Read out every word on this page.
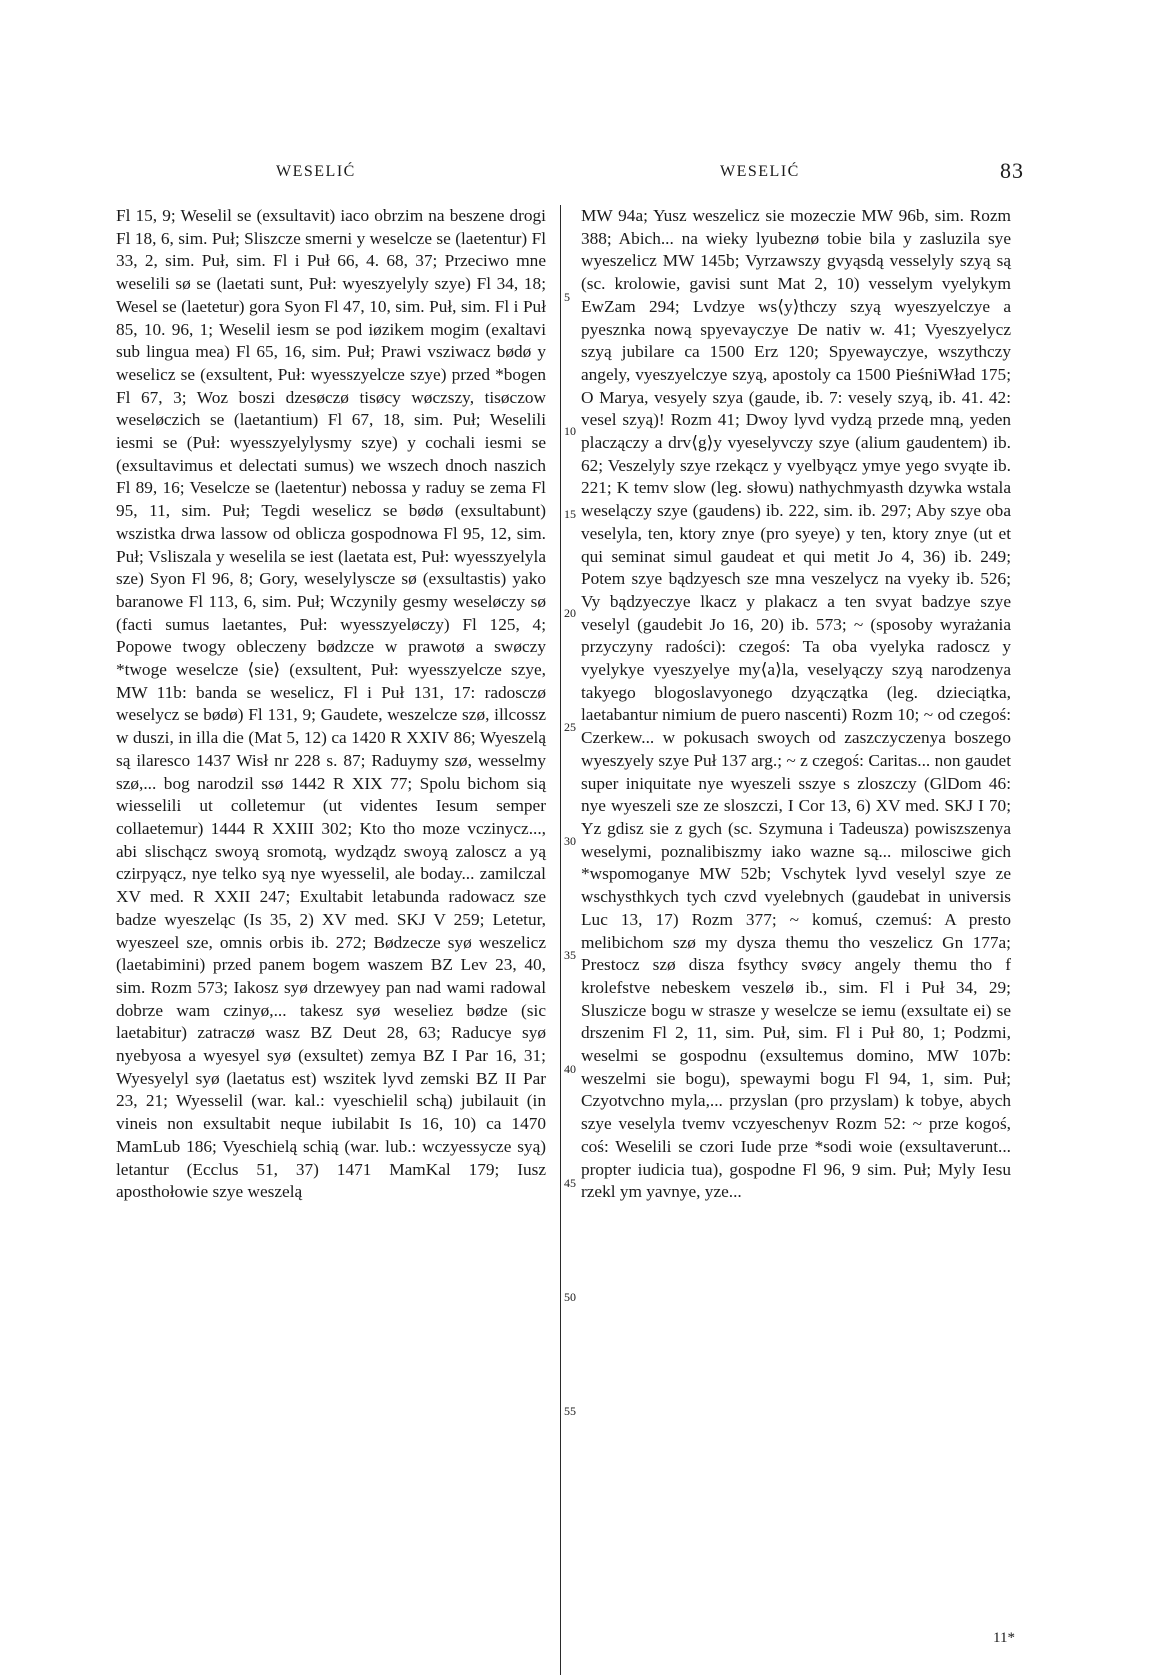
WESELIĆ	WESELIĆ	83
Fl 15, 9; Weselil se (exsultavit) iaco obrzim na beszene drogi Fl 18, 6, sim. Puł; Sliszcze smerni y weselcze se (laetentur) Fl 33, 2, sim. Puł, sim. Fl i Puł 66, 4. 68, 37; Przeciwo mne weselili sø se (laetati sunt, Puł: wyeszyelyly szye) Fl 34, 18; Wesel se (laetetur) gora Syon Fl 47, 10, sim. Puł, sim. Fl i Puł 85, 10. 96, 1; Weselil iesm se pod iøzikem mogim (exaltavi sub lingua mea) Fl 65, 16, sim. Puł; Prawi vsziwacz bødø y weselicz se (exsultent, Puł: wyesszyelcze szye) przed *bogen Fl 67, 3; Woz boszi dzesøczø tisøcy wøczszy, tisøczow weseløczich se (laetantium) Fl 67, 18, sim. Puł; Weselili iesmi se (Puł: wyesszyelylysmy szye) y cochali iesmi se (exsultavimus et delectati sumus) we wszech dnoch naszich Fl 89, 16; Veselcze se (laetentur) nebossa y raduy se zema Fl 95, 11, sim. Puł; Tegdi weselicz se bødø (exsultabunt) wszistka drwa lassow od oblicza gospodnowa Fl 95, 12, sim. Puł; Vsliszala y weselila se iest (laetata est, Puł: wyesszyelyla sze) Syon Fl 96, 8; Gory, weselylyscze sø (exsultastis) yako baranowe Fl 113, 6, sim. Puł; Wczynily gesmy weseløczy sø (facti sumus laetantes, Puł: wyesszyeløczy) Fl 125, 4; Popowe twogy obleczeny bødzcze w prawotø a swøczy *twoge weselcze ⟨sie⟩ (exsultent, Puł: wyesszyelcze szye, MW 11b: banda se weselicz, Fl i Puł 131, 17: radosczø weselycz se bødø) Fl 131, 9; Gaudete, weszelcze szø, illcossz w duszi, in illa die (Mat 5, 12) ca 1420 R XXIV 86; Wyeszelą są ilaresco 1437 Wisł nr 228 s. 87; Raduymy szø, wesselmy szø,... bog narodzil ssø 1442 R XIX 77; Spolu bichom sią wiesselili ut colletemur (ut videntes Iesum semper collaetemur) 1444 R XXIII 302; Kto tho moze vczinycz..., abi slischącz swoyą sromotą, wydządz swoyą zaloscz a yą czirpyącz, nye telko syą nye wyesselil, ale boday... zamilczal XV med. R XXII 247; Exultabit letabunda radowacz sze badze wyeszeląc (Is 35, 2) XV med. SKJ V 259; Letetur, wyeszeel sze, omnis orbis ib. 272; Bødzecze syø weszelicz (laetabimini) przed panem bogem waszem BZ Lev 23, 40, sim. Rozm 573; Iakosz syø drzewyey pan nad wami radowal dobrze wam czinyø,... takesz syø weseliez bødze (sic laetabitur) zatraczø wasz BZ Deut 28, 63; Raducye syø nyebyosa a wyesyel syø (exsultet) zemya BZ I Par 16, 31; Wyesyelyl syø (laetatus est) wszitek lyvd zemski BZ II Par 23, 21; Wyesselil (war. kal.: vyeschielil schą) jubilauit (in vineis non exsultabit neque iubilabit Is 16, 10) ca 1470 MamLub 186; Vyeschielą schią (war. lub.: wczyessycze syą) letantur (Ecclus 51, 37) 1471 MamKal 179; Iusz aposthołowie szye weszelą
5
10
15
20
25
30
35
40
45
50
55
MW 94a; Yusz weszelicz sie mozeczie MW 96b, sim. Rozm 388; Abich... na wieky lyubeznø tobie bila y zasluzila sye wyeszelicz MW 145b; Vyrzawszy gvyąsdą vesselyly szyą są (sc. krolowie, gavisi sunt Mat 2, 10) vesselym vyelykym EwZam 294; Lvdzye ws⟨y⟩thczy szyą wyeszyelczye a pyesznka nową spyevayczye De nativ w. 41; Vyeszyelycz szyą jubilare ca 1500 Erz 120; Spyewayczye, wszythczy angely, vyeszyelczye szyą, apostoly ca 1500 PieśniWład 175; O Marya, vesyely szya (gaude, ib. 7: vesely szyą, ib. 41. 42: vesel szyą)! Rozm 41; Dwoy lyvd vydzą przede mną, yeden placzączy a drv⟨g⟩y vyeselyvczy szye (alium gaudentem) ib. 62; Veszelyly szye rzekącz y vyelbyącz ymye yego svyąte ib. 221; K temv slow (leg. słowu) nathychmyasth dzywka wstala weselączy szye (gaudens) ib. 222, sim. ib. 297; Aby szye oba veselyla, ten, ktory znye (pro syeye) y ten, ktory znye (ut et qui seminat simul gaudeat et qui metit Jo 4, 36) ib. 249; Potem szye bądzyesch sze mna veszelycz na vyeky ib. 526; Vy bądzyeczye lkacz y plakacz a ten svyat badzye szye veselyl (gaudebit Jo 16, 20) ib. 573; ~ (sposoby wyrażania przyczyny radości): czegoś: Ta oba vyelyka radoscz y vyelykye vyeszyelye my⟨a⟩la, veselyączy szyą narodzenya takyego blogoslavyonego dzyączątka (leg. dzieciątka, laetabantur nimium de puero nascenti) Rozm 10; ~ od czegoś: Czerkew... w pokusach swoych od zaszczyczenya boszego wyeszyely szye Puł 137 arg.; ~ z czegoś: Caritas... non gaudet super iniquitate nye wyeszeli sszye s zloszczy (GlDom 46: nye wyeszeli sze ze sloszczi, I Cor 13, 6) XV med. SKJ I 70; Yz gdisz sie z gych (sc. Szymuna i Tadeusza) powiszszenya weselymi, poznalibiszmy iako wazne są... milosciwe gich *wspomoganye MW 52b; Vschytek lyvd veselyl szye ze wschysthkych tych czvd vyelebnych (gaudebat in universis Luc 13, 17) Rozm 377; ~ komuś, czemuś: A presto melibichom szø my dysza themu tho veszelicz Gn 177a; Prestocz szø disza fsythcy svøcy angely themu tho f krolefstve nebeskem veszelø ib., sim. Fl i Puł 34, 29; Sluszicze bogu w strasze y weselcze se iemu (exsultate ei) se drszenim Fl 2, 11, sim. Puł, sim. Fl i Puł 80, 1; Podzmi, weselmi se gospodnu (exsultemus domino, MW 107b: weszelmi sie bogu), spewaymi bogu Fl 94, 1, sim. Puł; Czyotvchno myla,... przyslan (pro przyslam) k tobye, abych szye veselyla tvemv vczyeschenyv Rozm 52: ~ prze kogoś, coś: Weselili se czori Iude prze *sodi woie (exsultaverunt... propter iudicia tua), gospodne Fl 96, 9 sim. Puł; Myly Iesu rzekl ym yavnye, yze...
11*
